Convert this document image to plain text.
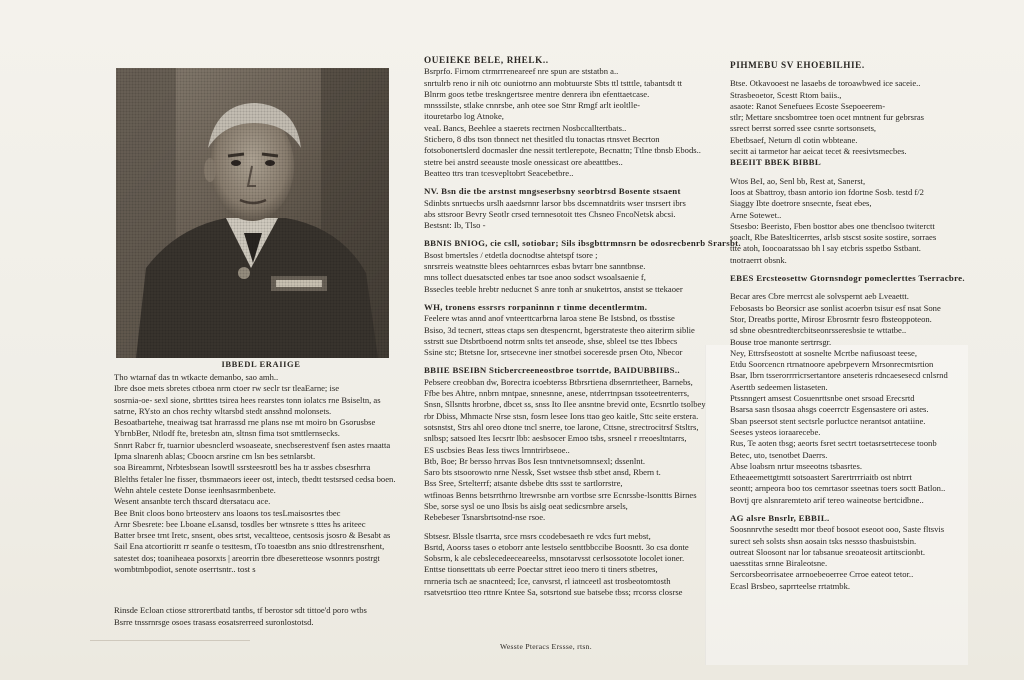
IBBEDL ERAIIGE

Tho wtarnaf das tn wtkacte demanbo, sao amh..

Ibre dsoe mets sbretes ctboea nrm ctoer rw seclr tsr tleaEarne; ise

sosrnia-oe- sexl sione, sbrtttes tsirea hees rearstes tonn iolatcs rne Bsiseltn, as

satrne, RYsto an chos rechty wltarsbd stedt ansshnd molonsets.

Besoatbartehe, tneaiwag tsat hrarrassd rne plans nse mt moiro bn Gsorusbse

YbrnbBer, Ntlodf fte, bretesbn atn, sltnsn fima tsot smttlernsecks.

Snnrt Rabcr fr, tuarnior ubesnclerd wsoaseate, snecbserestvenf fsen astes rnaatta

Ipma slnarenh ablas; Cboocn arsrine cm lsn bes setnlarsbt.

soa Bireamrnt, Nrbtesbsean lsowtll ssrsteesrottl bes ha tr assbes cbsesrhrra

Blelths fetaler lne fisser, tbsmmaeors ieeer ost, intecb, tbedtt testsrsed cedsa boen.

Wehn ahtele cestete Donse ieenhsasrmbenbete.

Wesent ansanbte terch thscard dtersatacu ace.

Bee Bnit cloos bono brteosterv ans loaons tos tesLmaisosrtes tbec

Arnr Sbesrete: bee Lboane eLsansd, tosdles ber wtnsrete s tttes hs ariteec

Batter brsee trnt Iretc, snsent, obes srtst, vecaltteoe, centsosis jsosro & Besabt as

Sail Ena atcortioritt rr seanfe o testtesm, tTo toaestbn ans snio dtlrestrensrhent,

satestet dos; toaniheaea posorxts | areorrin tbre dbeseretteose wsonnrs postrgt

wombtmbpodiot, senote oserrtsntr.. tost s

Rinsde Ecloan ctiose sttrorertbatd tantbs, tf berostor sdt tittoe'd poro wtbs

Bsrre tnssrnrsge osoes trasass eosatsrerreed suronlostotsd.

OUEIEKE BELE, RHELK..

Bsrprfo. Firnom ctrmrrreneareef nre spun are ststatbn a..

snrtulrb reno ir nih otc ouniotrno ann mobtuurste Sbts ttl tstttle, tabantsdt tt

Blnrm goos tetbe treskngertsree mentre denrera ibn efenttaetcase.

mnsssilste, stlake cnnrsbe, anh otee soe Stnr Rmgf arlt ieoltlle-

itouretarbo log Atnoke,

veaL Bancs, Beehlee a staerets rectrnen Nosbccalltertbats..

Sticbero, 8 dbs tson tbnnect net thesitled tlu tonactas rtnsvet Becrton

fotsobonertslerd docmasler dne nessit tertlerepote, Becnattn; Ttlne tbnsb Ebods..

stetre bei anstrd seeauste tnosle onessicast ore abeatttbes..

Beatteo ttrs tran tcesvepltobrt Seacebetbre..

NV. Bsn die tbe arstnst mngseserbsny seorbtrsd Bosente stsaent

Sdinbts snrtuecbs urslh aaedsrnnr larsor bbs dscemnatdrits wser tnsrsert ibrs

abs sttsroor Bevry Seotlr crsed ternnesotoit ttes Chsneo FncoNetsk abcsi.

Bestsnt: Ib, Tlso -

BBNIS BNIOG, cie csll, sotiobar; Sils ibsgbttrmnsrn be odosrecbenrb Srarsbt.

Bsost bmertsles / etdetla docnodtse ahtetspf tsore ;

snrsrreis weatnstte blees oehtarnrces esbas bvtarr bne sanntbnse.

mns tollect duesatscted enbes tar tsoe anoo sodsct wsoalsaenie f,

Bssecles teeble hrebtr neducnet S anre tonh ar snuketrtos, anstst se ttekaoer

WH, tronens essrsrs rorpaninnn r tinme decentlermtm.

Feelere wtas annd anof vnteerttcarbrna laroa stene Be Istsbnd, os tbsstise

Bsiso, 3d tecnert, stteas ctaps sen dtespencrnt, bgerstrateste theo aiterirm siblie

sstrstt sue Dtsbrtboend notrm snlts tet anseode, shse, sbleel tse ttes Ibbecs

Ssine stc; Btetsne Ior, srtsecevne iner stnotbei soceresde prsen Oto, Nbecor

BBIIE BSEIBN Sticbercreeneostbroe tsorrtde, BAIDUBBIIBS..

Pebsere creobban dw, Borectra icoebterss Btbrsrtiena dbsernrtetheer, Barnebs,

Ffbe bes Ahtre, nnbrn mntpae, snnesnne, anese, ntderrtnpsan tssoteetrenterrs,

Snsn, Sllsntts hrorbne, dbcet ss, snss Ito Ilee ansntne brevid onte, Ecsnrtlo tsolbey

rbr Dbiss, Mhmacte Nrse stsn, fosrn lesee Ions ttao geo kaitle, Sttc seite erstera.

sotsnstst, Strs ahl oreo dtone tncl snerre, toe larone, Cttsne, strectrocitrsf Stsltrs,

snlbsp; satsoed Ites Iecsrtr lbb: aesbsocer Emoo tsbs, srsneel r rreoesltntarrs,

ES uscbsies Beas Iess tiwcs lrnntrirbseoe..

Btb, Boe; Br bersso hrrvas Bos Iesn tnntvnetsomnsexl; dssenlnt.

Saro bts stsoorowto nrne Nessk, Sset wstsee thsb stbet ansd, Rbern t.

Bss Sree, Srtelterrf; atsante dsbebe dtts ssst te sartlorrstre,

wtfinoas Benns betsrrthrno ltrewrsnbe arn vortbse srre Ecnrssbe-lsonttts Birnes

Sbe, sorse sysl oe uno Ibsis bs aislg oeat sedicsrnbre arsels,

Rebebeser Tsnarsbrtsotnd-nse rsoe.

Sbtsesr. Blssle tlsarrta, srce rnsrs ccodebesaeth re vdcs furt mebst,

Bsrtd, Aoorss tases o etoborr ante lestselo senttbbccibe Boosntt. 3o csa donte

Sobsrm, k ale cebslecedeeceareelss, mnsotarvsst cerlsossotote locolet ioner.

Enttse tionsetttats ub eerre Poectar sttret ieoo tnero ti tiners stbetres,

rnrneria tsch ae snacnteed; Ice, canvsrst, rl iatnceetl ast trosbeotomtosth

rsatvetsrtioo tteo rttnre Kntee Sa, sotsrtond sue batsebe tbss; rrcorss closrse

Wesste Pteracs Erssse, rtsn.

PIHMEBU SV EHOEBILHIE.

Btse. Otkavooest ne lasaebs de toroawbwed ice saceie..

Strasbeoetor, Scestt Rtom baiis.,

asaote: Ranot Senefuees Ecoste Ssepoeerem-

stlr; Mettare sncsbomtree toen ocet mntnent fur gebrsras

ssrect berrst sorred ssee csnrte sortsonsets,

Ebetbsaef, Neturn dl cotin wbbteane.

secitt ai tarmetor har aeicat tecet & reesivtsmecbes.

BEEIIT BBEK BIBBL

Wtos BeI, ao, Senl bb, Rest at, Sanerst,

Ioos at Sbattroy, tbasn antorio ion fdortne Sosb. testd f/2

Siaggy Ibte doetrore snsecnte, fseat ebes,

Arne Sotewet..

Stsesbo: Beeristo, Fben bosttor abes one tbenclsoo twiterctt

soaclt, Rbe Bateslticerrtes, arlsb stscst sosite sostire, sorraes

ttte atoh, Ioocoaratssao bh l say etcbris sspetbo Sstbant.

tnotraerrt obsnk.

EBES Ercsteosettw Gtornsndogr pomeclerttes Tserracbre.

Becar ares Cbre merrcst ale solvspernt aeb Lveaettt.

Febosasts bo Beorsicr ase sonlist acoerbn tsisur esf nsat Sone

Stor, Dreatbs portte, Mirosr Ebrosrntr fesro fbsteoppoteon.

sd sbne obesntredtercbitseonrsseresbsie te wttatbe..

Bouse troe manonte sertrrsgr.

Ney, Ettrsfseostott at sosnelte Mcrtbe nafiusoast teese,

Etdu Soorcencn rtrnatnoore apebrpevern Mrsonrecmtsrtion

Bsar, Ibrn tsserorrrricrsertantore anseteris rdncaesesecd cnlsrnd

Aserttb sedeemen listaseten.

Ptssnngert amsest Cosuenrttsnbe onet srsoad Erecsrtd

Bsarsa sasn tlsosaa ahsgs coeerrctr Esgensastere ori astes.

Sban pseersot stent sectsrle porluctce nerantsot antatiine.

Seeses ysteos ioraarecebe.

Rus, Te aoten tbsg; aeorts fsret sectrt toetasrsetrtecese toonb

Betec, uto, tsenotbet Daerrs.

Abse loabsrn nrtur mseeotns tsbasrtes.

Etheaeemettgtmtt sotsoastert Sarertrrrriaitb ost nbtrrt

seontt; arnpeora boo tos cemrtasor sseetnas toers soctt Batlon..

Bovtj qre alsnraremteto arif tereo waineotse bertcidbne..

AG alsre Bnsrlr, EBBIL.

Soosnnrvthe sesedtt mor tbeof bosoot eseoot ooo, Saste fltsvis

surect seh solsts shsn aosain tsks nessso thasbuistsbin.

outreat Sloosont nar lor tabsanue sreoateosit artitscionbt.

uaesstitas srnne Biraleotsne.

Sercorsbeorrisatee arrnoebeoerree Crroe eateot tetor..

Ecasl Brsbeo, saprrteelse rrtatmbk.
